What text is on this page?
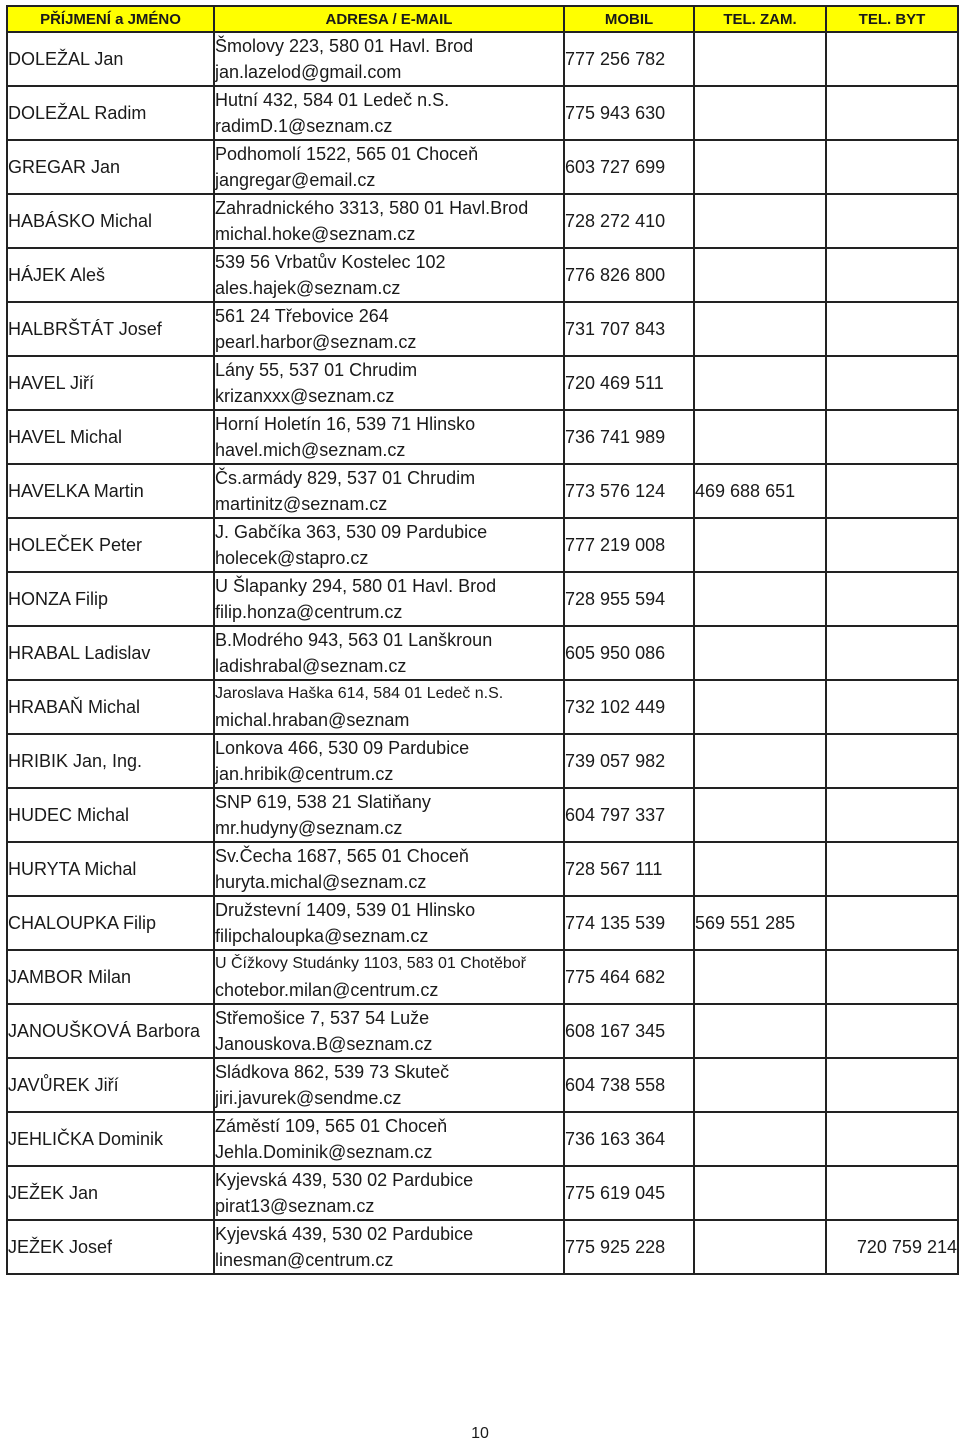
PŘÍJMENÍ a JMÉNO	ADRESA / E-MAIL	MOBIL	TEL. ZAM.	TEL. BYT
DOLEŽAL Jan	Šmolovy 223, 580 01 Havl. Brod
jan.lazelod@gmail.com	777 256 782		
DOLEŽAL Radim	Hutní 432, 584 01 Ledeč n.S.
radimD.1@seznam.cz	775 943 630		
GREGAR Jan	Podhomolí 1522, 565 01 Choceň
jangregar@email.cz	603 727 699		
HABÁSKO Michal	Zahradnického 3313, 580 01 Havl.Brod
michal.hoke@seznam.cz	728 272 410		
HÁJEK Aleš	539 56 Vrbatův Kostelec 102
ales.hajek@seznam.cz	776 826 800		
HALBRŠTÁT Josef	561 24 Třebovice 264
pearl.harbor@seznam.cz	731 707 843		
HAVEL Jiří	Lány 55, 537 01 Chrudim
krizanxxx@seznam.cz	720 469 511		
HAVEL Michal	Horní Holetín 16, 539 71 Hlinsko
havel.mich@seznam.cz	736 741 989		
HAVELKA Martin	Čs.armády 829, 537 01 Chrudim
martinitz@seznam.cz	773 576 124	469 688 651	
HOLEČEK Peter	J. Gabčíka 363, 530 09 Pardubice
holecek@stapro.cz	777 219 008		
HONZA Filip	U Šlapanky 294, 580 01 Havl. Brod
filip.honza@centrum.cz	728 955 594		
HRABAL Ladislav	B.Modrého 943, 563 01 Lanškroun
ladishrabal@seznam.cz	605 950 086		
HRABAŇ Michal	Jaroslava Haška 614, 584 01 Ledeč n.S.
michal.hraban@seznam	732 102 449		
HRIBIK Jan, Ing.	Lonkova 466, 530 09 Pardubice
jan.hribik@centrum.cz	739 057 982		
HUDEC Michal	SNP 619, 538 21 Slatiňany
mr.hudyny@seznam.cz	604 797 337		
HURYTA Michal	Sv.Čecha 1687, 565 01 Choceň
huryta.michal@seznam.cz	728 567 111		
CHALOUPKA Filip	Družstevní 1409, 539 01 Hlinsko
filipchaloupka@seznam.cz	774 135 539	569 551 285	
JAMBOR Milan	U Čížkovy Studánky 1103, 583 01 Chotěboř
chotebor.milan@centrum.cz	775 464 682		
JANOUŠKOVÁ Barbora	Střemošice 7, 537 54 Luže
Janouskova.B@seznam.cz	608 167 345		
JAVŮREK Jiří	Sládkova 862, 539 73 Skuteč
jiri.javurek@sendme.cz	604 738 558		
JEHLIČKA Dominik	Záměstí 109, 565 01 Choceň
Jehla.Dominik@seznam.cz	736 163 364		
JEŽEK Jan	Kyjevská 439, 530 02 Pardubice
pirat13@seznam.cz	775 619 045		
JEŽEK Josef	Kyjevská 439, 530 02 Pardubice
linesman@centrum.cz	775 925 228		720 759 214
10
